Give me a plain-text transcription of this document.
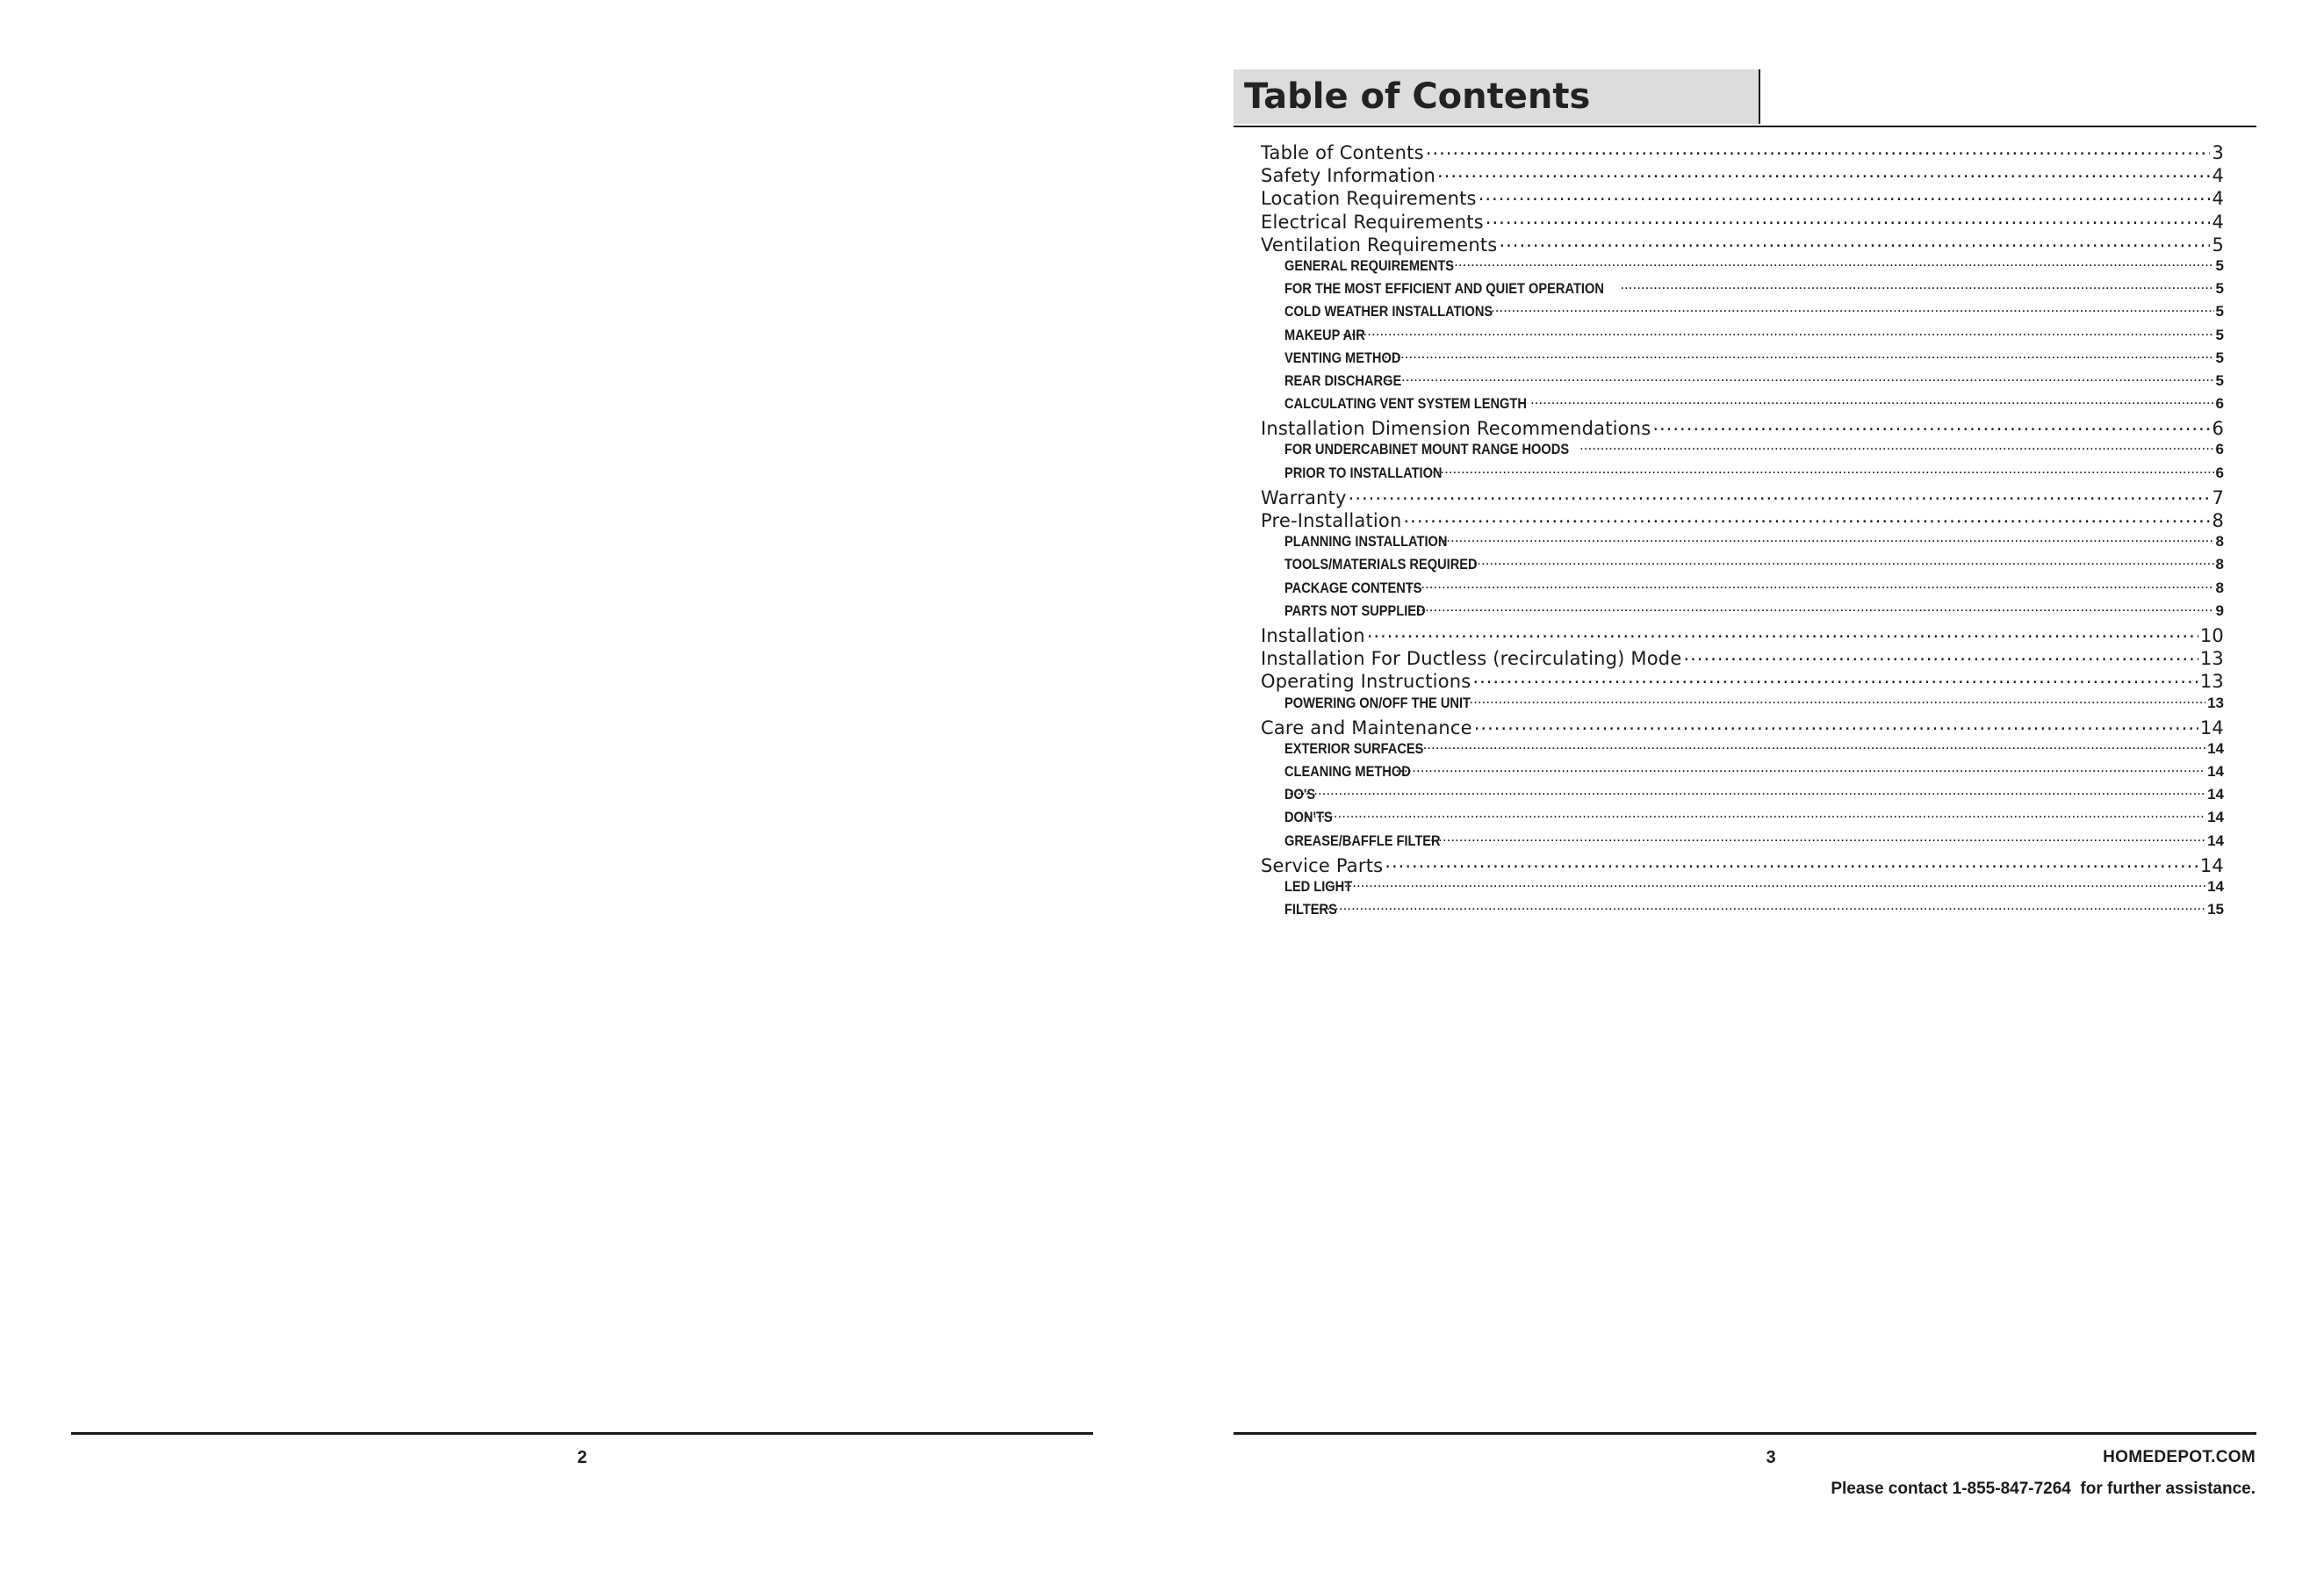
2
Table of Contents
Table of Contents .....	3
Safety Information .....	4
Location Requirements .....	4
Electrical Requirements .....	4
Ventilation Requirements .....	5
GENERAL REQUIREMENTS .....	5
FOR THE MOST EFFICIENT AND QUIET OPERATION .....	5
COLD WEATHER INSTALLATIONS .....	5
MAKEUP AIR .....	5
VENTING METHOD .....	5
REAR DISCHARGE .....	5
CALCULATING VENT SYSTEM LENGTH .....	6
Installation Dimension Recommendations .....	6
FOR UNDERCABINET MOUNT RANGE HOODS .....	6
PRIOR TO INSTALLATION .....	6
Warranty .....	7
Pre-Installation .....	8
PLANNING INSTALLATION .....	8
TOOLS/MATERIALS REQUIRED .....	8
PACKAGE CONTENTS .....	8
PARTS NOT SUPPLIED .....	9
Installation .....	10
Installation For Ductless (recirculating) Mode .....	13
Operating Instructions .....	13
POWERING ON/OFF THE UNIT .....	13
Care and Maintenance .....	14
EXTERIOR SURFACES .....	14
CLEANING METHOD .....	14
DO'S .....	14
DON'TS .....	14
GREASE/BAFFLE FILTER .....	14
Service Parts .....	14
LED LIGHT .....	14
FILTERS .....	15
3	HOMEDEPOT.COM
Please contact 1-855-847-7264  for further assistance.
